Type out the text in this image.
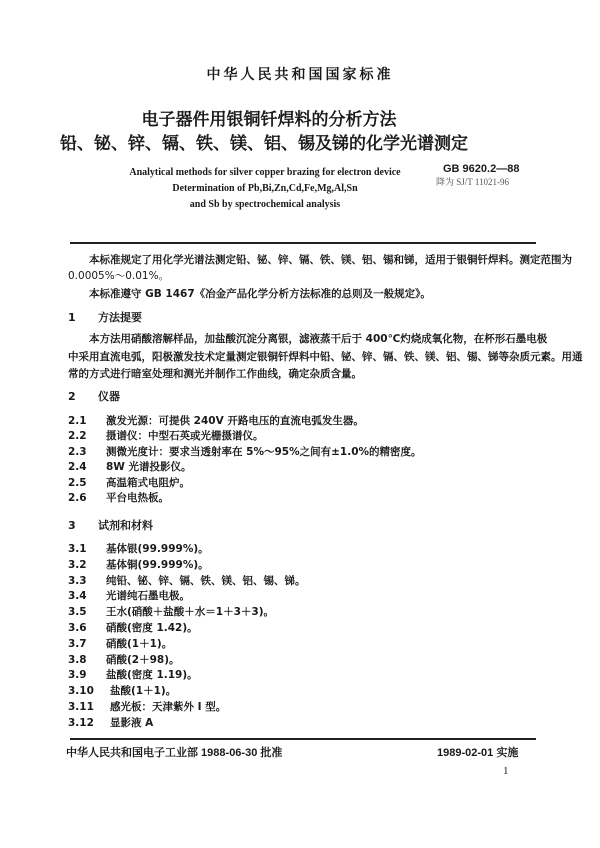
中华人民共和国国家标准
电子器件用银铜钎焊料的分析方法
铅、铋、锌、镉、铁、镁、铝、锡及锑的化学光谱测定
GB 9620.2—88
降为 SJ/T 11021-96
Analytical methods for silver copper brazing for electron device
Determination of Pb,Bi,Zn,Cd,Fe,Mg,Al,Sn
and Sb by spectrochemical analysis
本标准规定了用化学光谱法测定铅、铋、锌、镉、铁、镁、铝、锡和锑，适用于银铜钎焊料。测定范围为
0.0005%～0.01%。
本标准遵守 GB 1467《冶金产品化学分析方法标准的总则及一般规定》。
1 方法提要
本方法用硝酸溶解样品，加盐酸沉淀分离银，滤液蒸干后于 400℃灼烧成氧化物，在杯形石墨电极
中采用直流电弧，阳极激发技术定量测定银铜钎焊料中铅、铋、锌、镉、铁、镁、铝、锡、锑等杂质元素。用通
常的方式进行暗室处理和测光并制作工作曲线，确定杂质含量。
2 仪器
2.1 激发光源：可提供 240V 开路电压的直流电弧发生器。
2.2 摄谱仪：中型石英或光栅摄谱仪。
2.3 测微光度计：要求当透射率在 5%～95%之间有±1.0%的精密度。
2.4 8W 光谱投影仪。
2.5 高温箱式电阻炉。
2.6 平台电热板。
3 试剂和材料
3.1 基体银(99.999%)。
3.2 基体铜(99.999%)。
3.3 纯铅、铋、锌、镉、铁、镁、铝、锡、锑。
3.4 光谱纯石墨电极。
3.5 王水(硝酸＋盐酸＋水＝1＋3＋3)。
3.6 硝酸(密度 1.42)。
3.7 硝酸(1＋1)。
3.8 硝酸(2＋98)。
3.9 盐酸(密度 1.19)。
3.10 盐酸(1＋1)。
3.11 感光板：天津紫外 I 型。
3.12 显影液 A
中华人民共和国电子工业部 1988-06-30 批准	1989-02-01 实施
1
